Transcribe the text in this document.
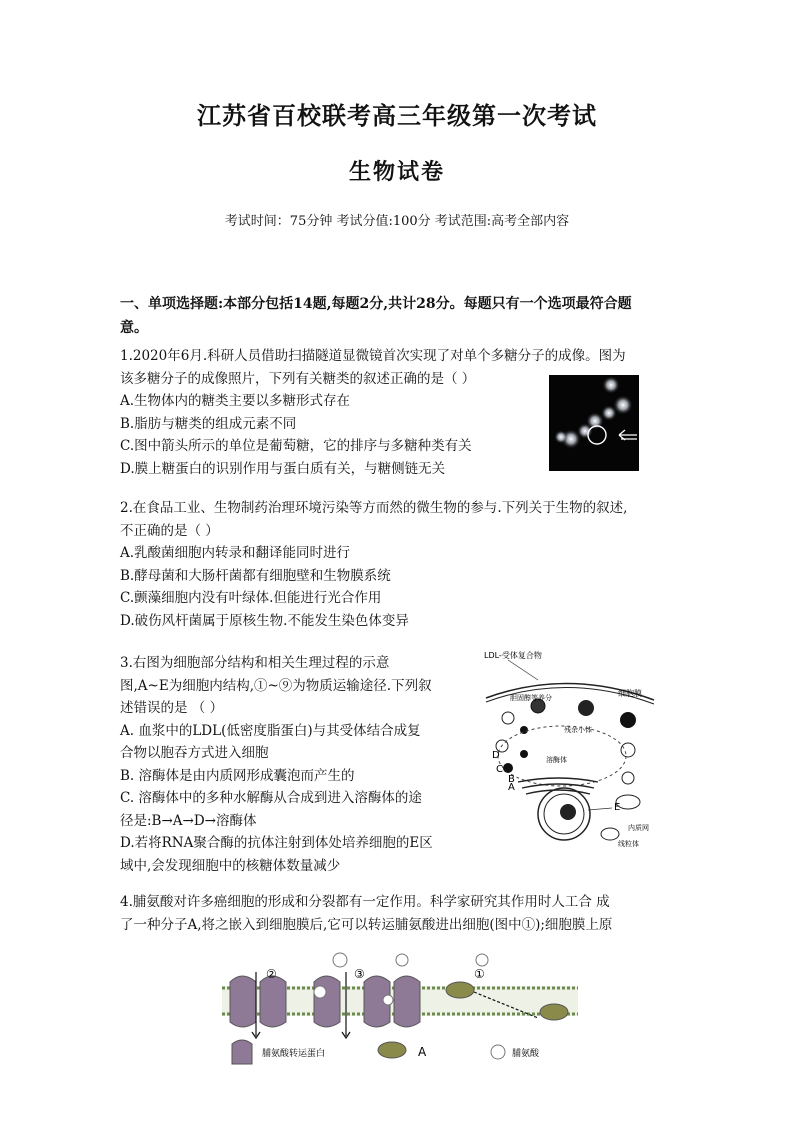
江苏省百校联考高三年级第一次考试
生物试卷
考试时间：75分钟 考试分值:100分 考试范围:高考全部内容
一、单项选择题:本部分包括14题,每题2分,共计28分。每题只有一个选项最符合题
意。
1.2020年6月.科研人员借助扫描隧道显微镜首次实现了对单个多糖分子的成像。图为
该多糖分子的成像照片，下列有关糖类的叙述正确的是（ ）
A.生物体内的糖类主要以多糖形式存在
B.脂肪与糖类的组成元素不同
C.图中箭头所示的单位是葡萄糖，它的排序与多糖种类有关
D.膜上糖蛋白的识别作用与蛋白质有关，与糖侧链无关
2.在食品工业、生物制药治理环境污染等方而然的微生物的参与.下列关于生物的叙述,
不正确的是（ ）
A.乳酸菌细胞内转录和翻译能同时进行
B.酵母菌和大肠杆菌都有细胞壁和生物膜系统
C.颤藻细胞内没有叶绿体.但能进行光合作用
D.破伤风杆菌属于原核生物.不能发生染色体变异
3.右图为细胞部分结构和相关生理过程的示意
图,A~E为细胞内结构,①~⑨为物质运输途径.下列叙
述错误的是 （ ）
A. 血浆中的LDL(低密度脂蛋白)与其受体结合成复
合物以胞吞方式进入细胞
B. 溶酶体是由内质网形成囊泡而产生的
C. 溶酶体中的多种水解酶从合成到进入溶酶体的途
径是:B→A→D→溶酶体
D.若将RNA聚合酶的抗体注射到体处培养细胞的E区
域中,会发现细胞中的核糖体数量减少
LDL-受体复合物
细胞膜
胆固醇等养分
残余小体
溶酶体
D
C
B
A
E
内质网
线粒体
4.脯氨酸对许多癌细胞的形成和分裂都有一定作用。科学家研究其作用时人工合 成
了一种分子A,将之嵌入到细胞膜后,它可以转运脯氨酸进出细胞(图中①);细胞膜上原
②	③	①
脯氨酸转运蛋白	A	脯氨酸
